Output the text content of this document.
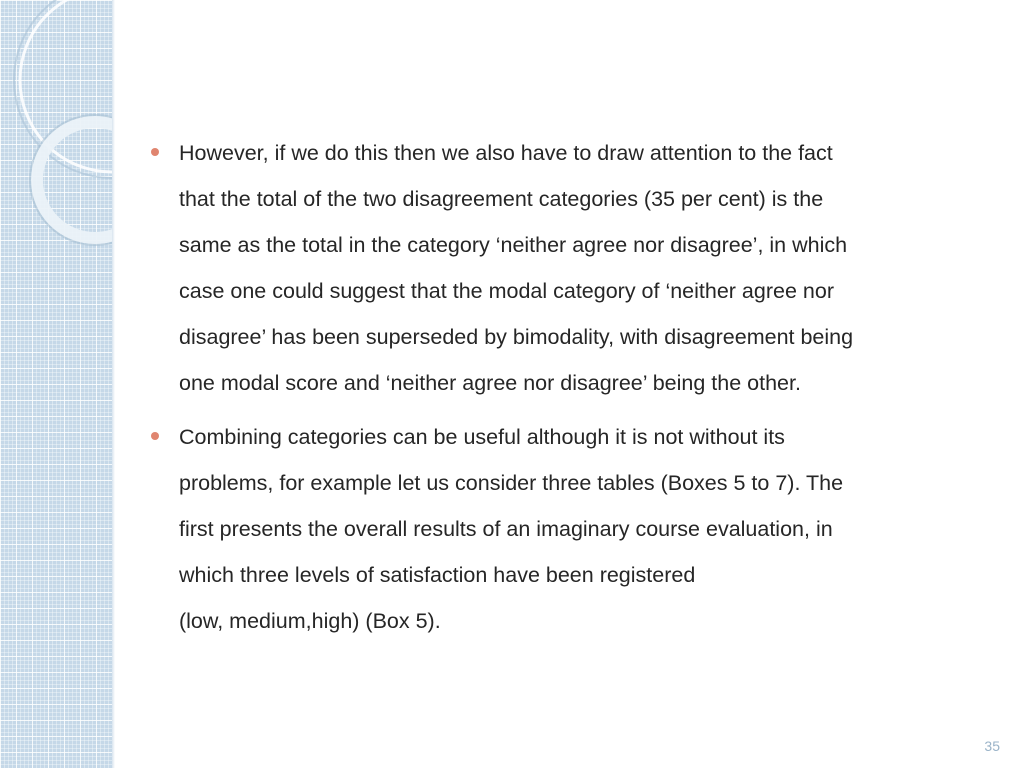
However, if we do this then we also have to draw attention to the fact
that the total of the two disagreement categories (35 per cent) is the
same as the total in the category ‘neither agree nor disagree’, in which
case one could suggest that the modal category of ‘neither agree nor
disagree’ has been superseded by bimodality, with disagreement being
one modal score and ‘neither agree nor disagree’ being the other.
Combining categories can be useful although it is not without its
problems, for example let us consider three tables (Boxes 5 to 7). The
first presents the overall results of an imaginary course evaluation, in
which three levels of satisfaction have been registered
(low, medium,high) (Box 5).
35
